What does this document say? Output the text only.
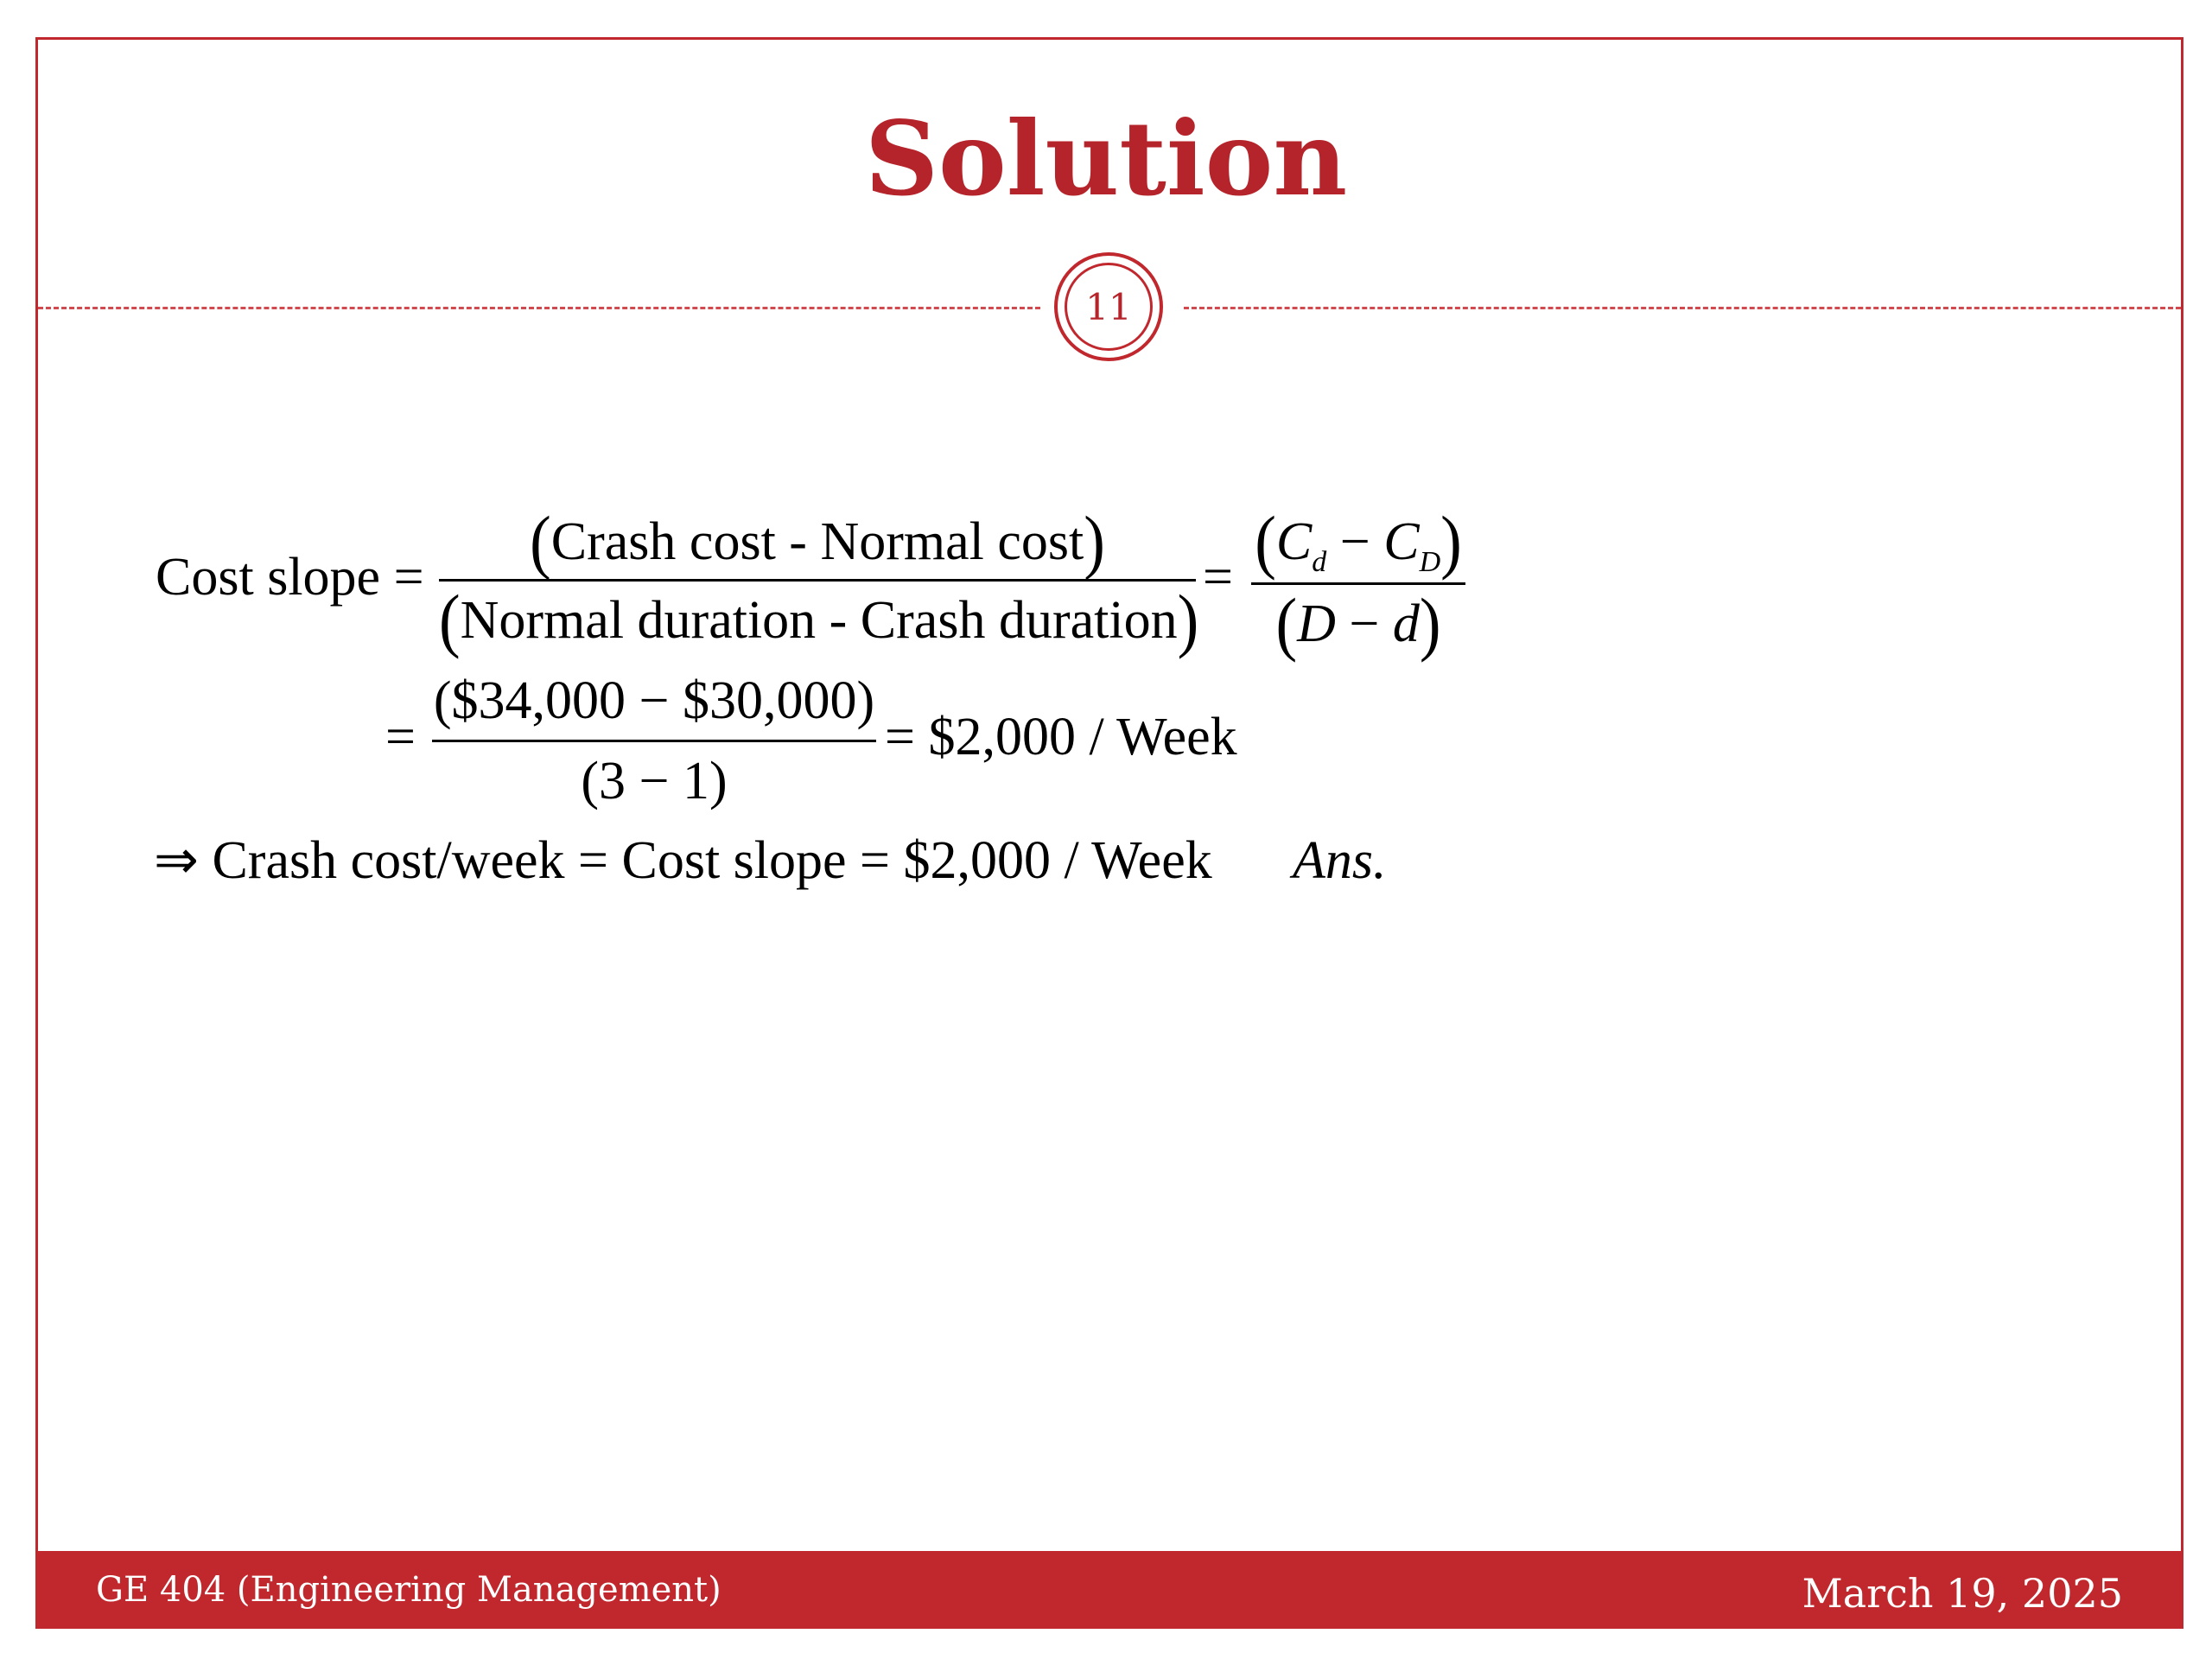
Solution
11
Cost slope =	(Crash cost - Normal cost)
(Normal duration - Crash duration)
= $(C_d - C_D)$
(D − d)
=
($34,000 − $30,000)
(3 − 1)
= $2,000 / Week
⇒ Crash cost/week = Cost slope = $2,000 / Week Ans.
GE 404 (Engineering Management)	March 19, 2025
